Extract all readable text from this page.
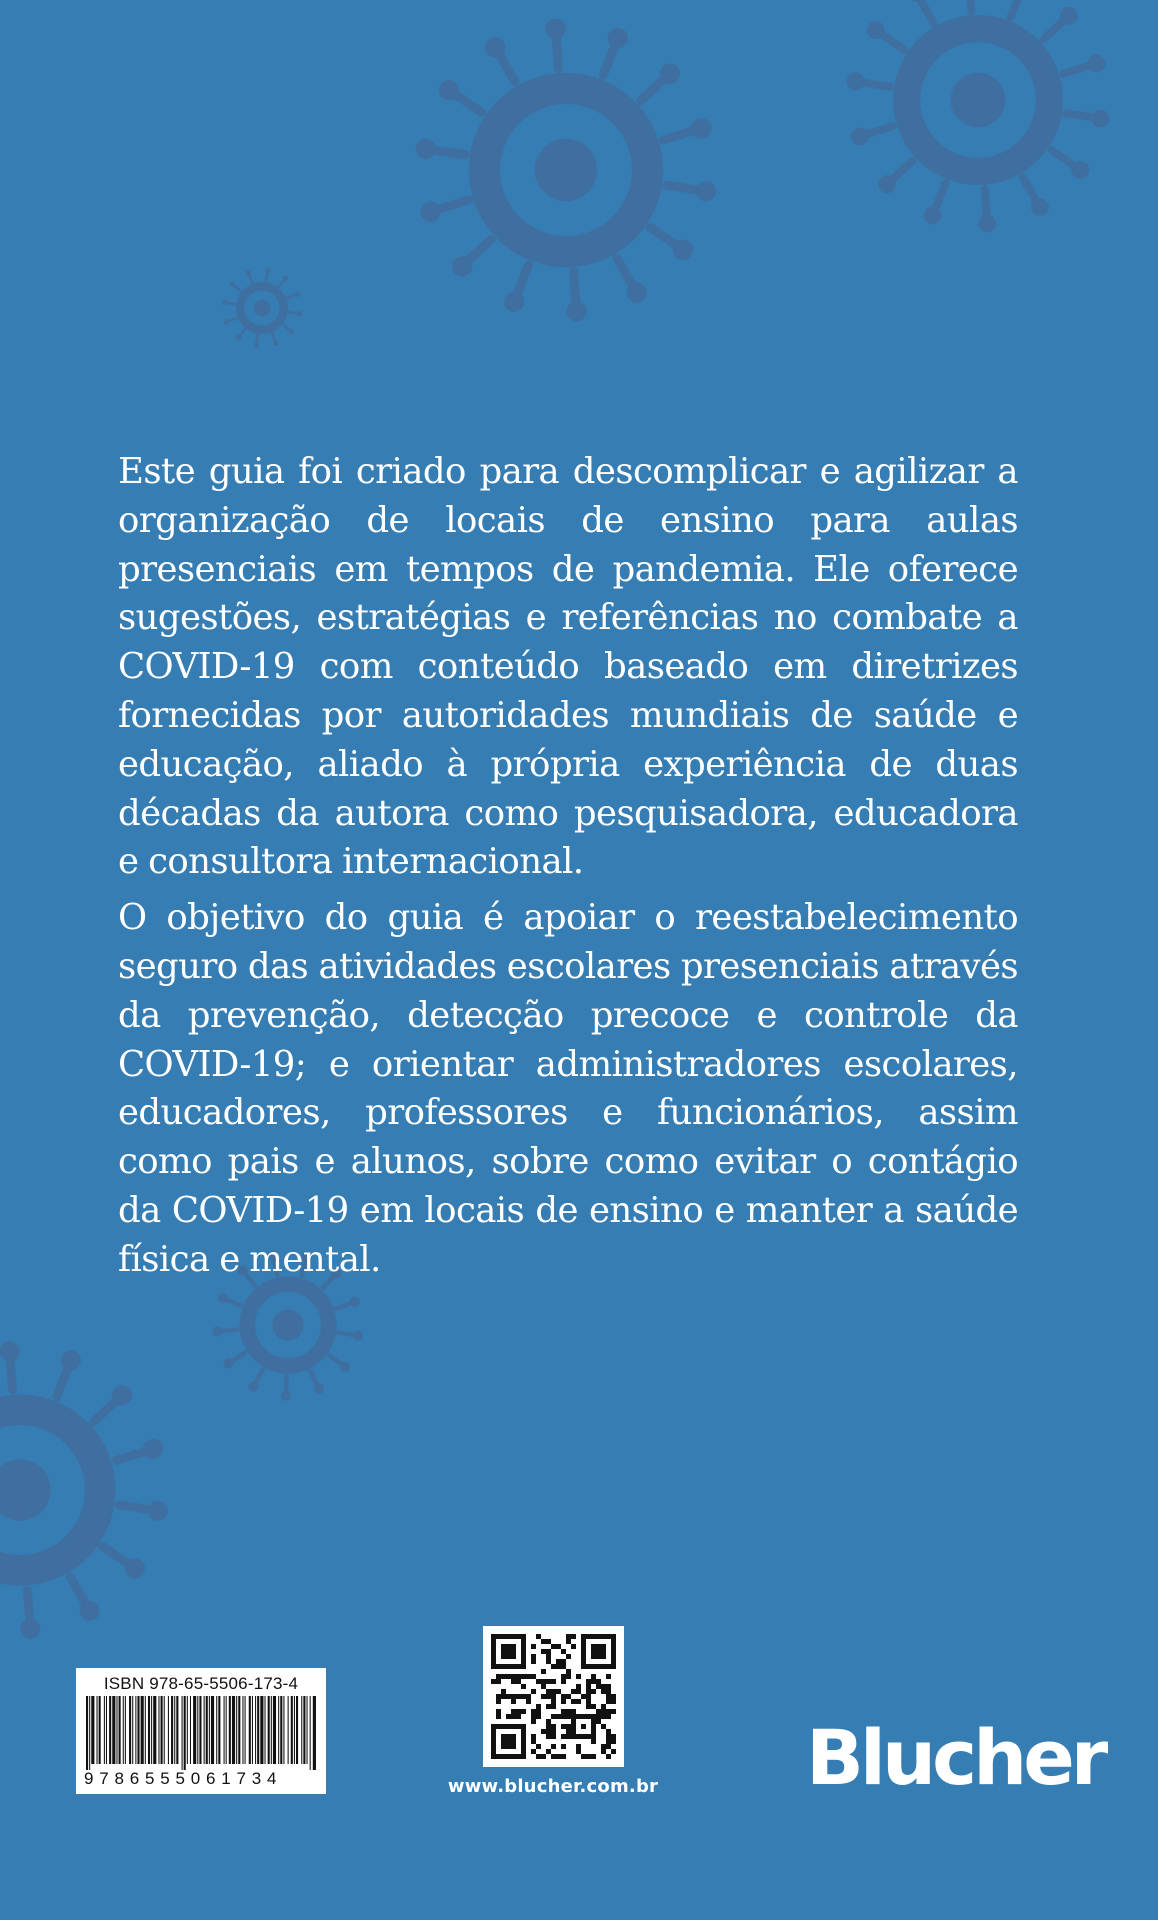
Este guia foi criado para descomplicar e agilizar a organização de locais de ensino para aulas presenciais em tempos de pandemia. Ele oferece sugestões, estratégias e referências no combate a COVID-19 com conteúdo baseado em diretrizes fornecidas por autoridades mundiais de saúde e educação, aliado à própria experiência de duas décadas da autora como pesquisadora, educadora e consultora internacional.

O objetivo do guia é apoiar o reestabelecimento seguro das atividades escolares presenciais através da prevenção, detecção precoce e controle da COVID-19; e orientar administradores escolares, educadores, professores e funcionários, assim como pais e alunos, sobre como evitar o contágio da COVID-19 em locais de ensino e manter a saúde física e mental.

ISBN 978-65-5506-173-4
9786555061734	www.blucher.com.br Blucher
